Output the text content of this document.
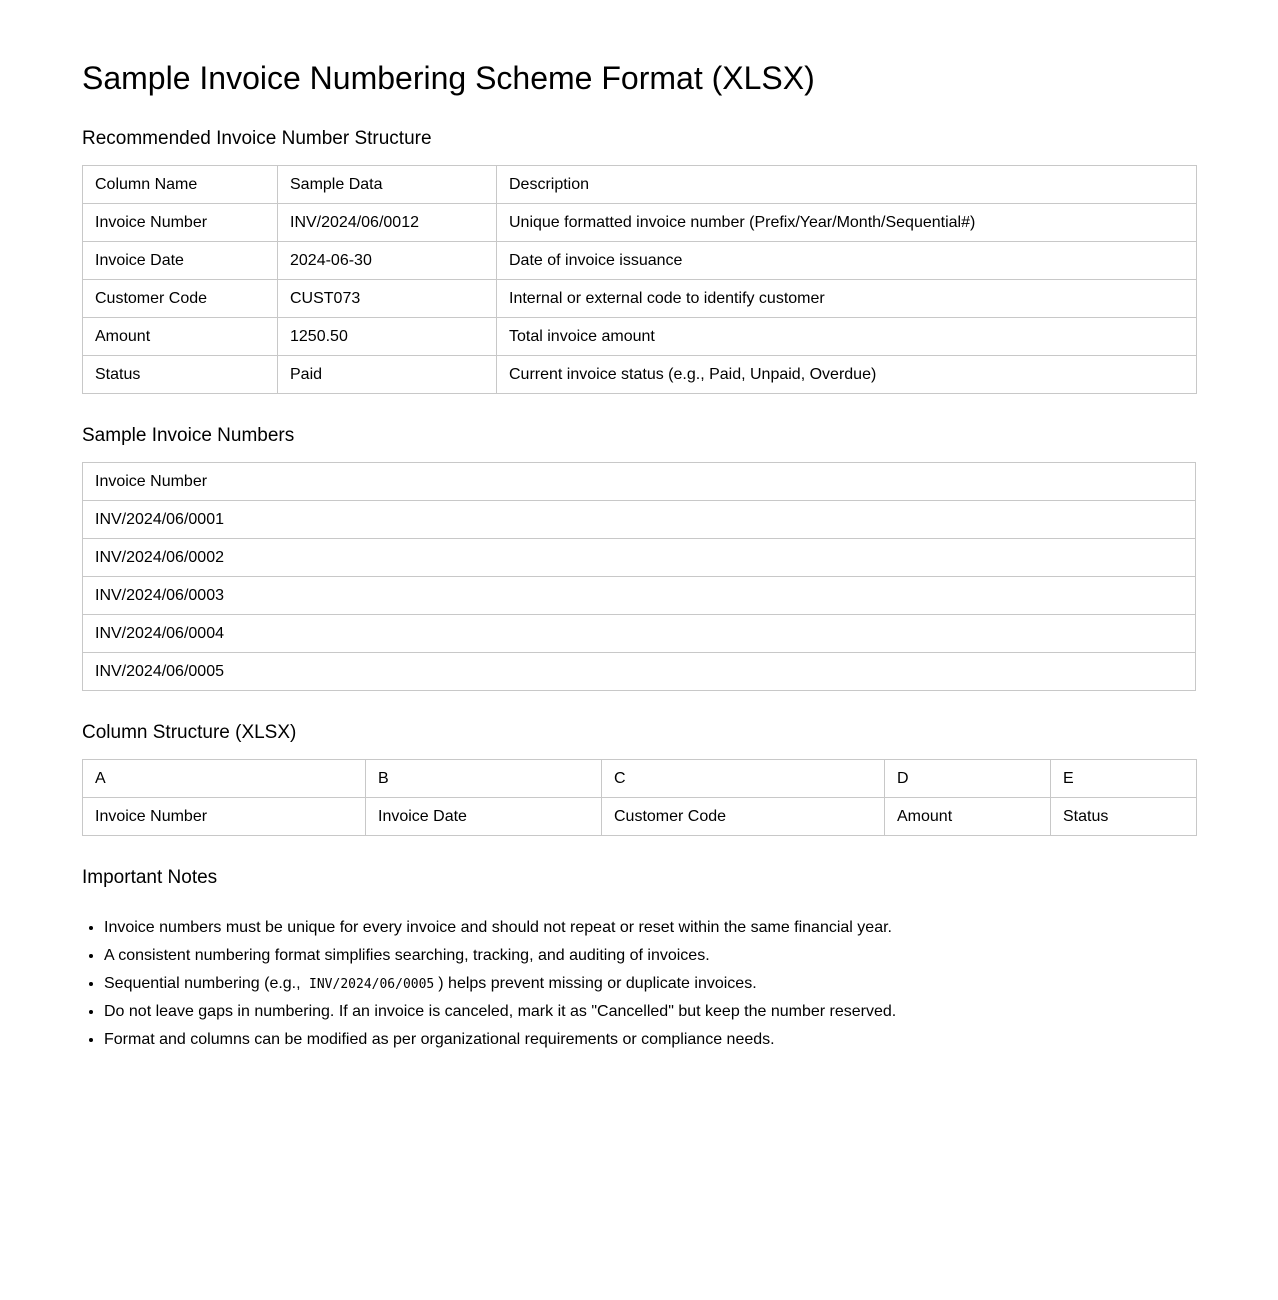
Sample Invoice Numbering Scheme Format (XLSX)
Recommended Invoice Number Structure
Column Name	Sample Data	Description
Invoice Number	INV/2024/06/0012	Unique formatted invoice number (Prefix/Year/Month/Sequential#)
Invoice Date	2024-06-30	Date of invoice issuance
Customer Code	CUST073	Internal or external code to identify customer
Amount	1250.50	Total invoice amount
Status	Paid	Current invoice status (e.g., Paid, Unpaid, Overdue)
Sample Invoice Numbers
Invoice Number
INV/2024/06/0001
INV/2024/06/0002
INV/2024/06/0003
INV/2024/06/0004
INV/2024/06/0005
Column Structure (XLSX)
A	B	C	D	E
Invoice Number	Invoice Date	Customer Code	Amount	Status
Important Notes
• Invoice numbers must be unique for every invoice and should not repeat or reset within the same financial year.
• A consistent numbering format simplifies searching, tracking, and auditing of invoices.
• Sequential numbering (e.g., INV/2024/06/0005 ) helps prevent missing or duplicate invoices.
• Do not leave gaps in numbering. If an invoice is canceled, mark it as "Cancelled" but keep the number reserved.
• Format and columns can be modified as per organizational requirements or compliance needs.
